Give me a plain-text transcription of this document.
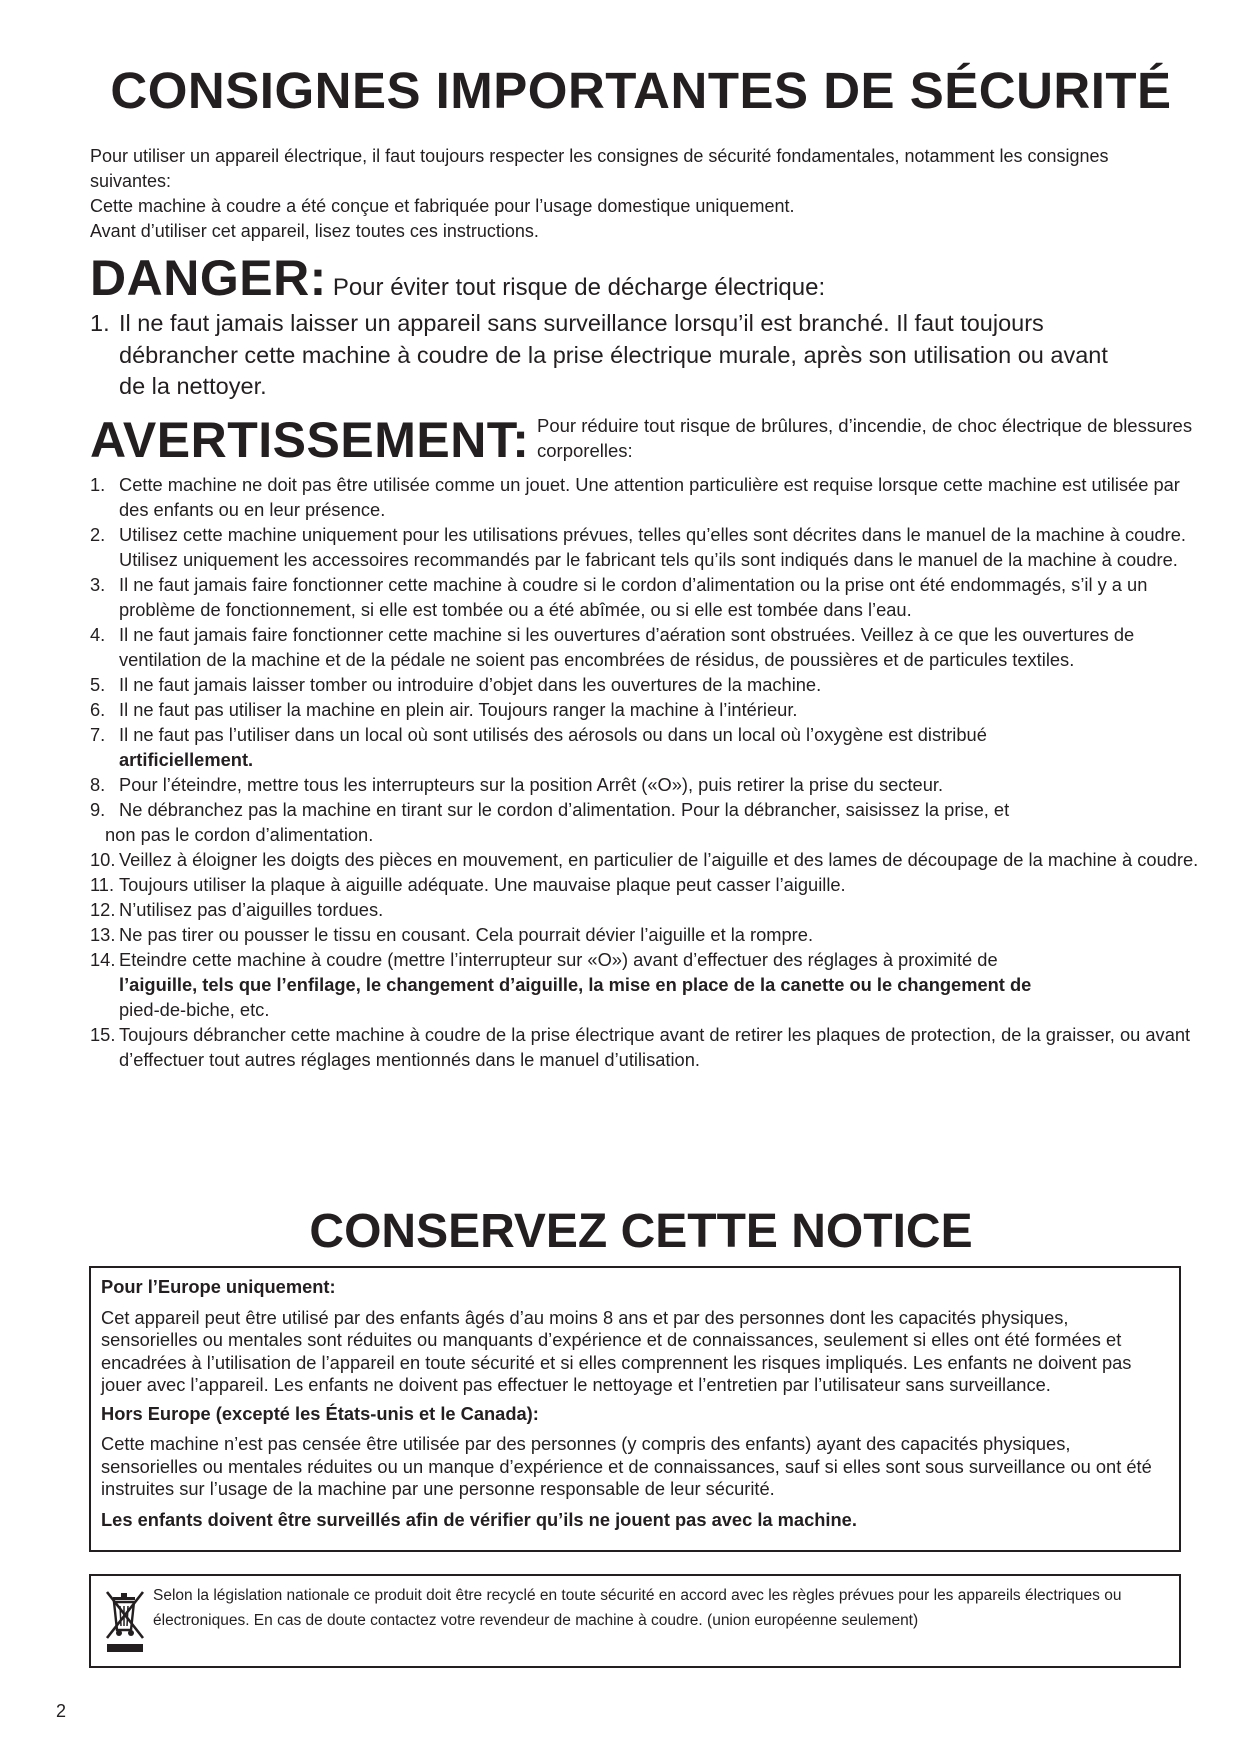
CONSIGNES IMPORTANTES DE SÉCURITÉ

Pour utiliser un appareil électrique, il faut toujours respecter les consignes de sécurité fondamentales, notamment les consignes suivantes:

Cette machine à coudre a été conçue et fabriquée pour l’usage domestique uniquement.

Avant d’utiliser cet appareil, lisez toutes ces instructions.

DANGER: Pour éviter tout risque de décharge électrique:
1. Il ne faut jamais laisser un appareil sans surveillance lorsqu’il est branché. Il faut toujours débrancher cette machine à coudre de la prise électrique murale, après son utilisation ou avant de la nettoyer.
AVERTISSEMENT: Pour réduire tout risque de brûlures, d’incendie, de choc électrique de blessures corporelles:
1. Cette machine ne doit pas être utilisée comme un jouet. Une attention particulière est requise lorsque cette machine est utilisée par des enfants ou en leur présence.
2. Utilisez cette machine uniquement pour les utilisations prévues, telles qu’elles sont décrites dans le manuel de la machine à coudre.

Utilisez uniquement les accessoires recommandés par le fabricant tels qu’ils sont indiqués dans le manuel de la machine à coudre.

3. Il ne faut jamais faire fonctionner cette machine à coudre si le cordon d’alimentation ou la prise ont été endommagés, s’il y a un problème de fonctionnement, si elle est tombée ou a été abîmée, ou si elle est tombée dans l’eau.
4. Il ne faut jamais faire fonctionner cette machine si les ouvertures d’aération sont obstruées. Veillez à ce que les ouvertures de ventilation de la machine et de la pédale ne soient pas encombrées de résidus, de poussières et de particules textiles.
5. Il ne faut jamais laisser tomber ou introduire d’objet dans les ouvertures de la machine.
6. Il ne faut pas utiliser la machine en plein air. Toujours ranger la machine à l’intérieur.
7. Il ne faut pas l’utiliser dans un local où sont utilisés des aérosols ou dans un local où l’oxygène est distribué

artificiellement.

8. Pour l’éteindre, mettre tous les interrupteurs sur la position Arrêt («O»), puis retirer la prise du secteur.
9. Ne débranchez pas la machine en tirant sur le cordon d’alimentation. Pour la débrancher, saisissez la prise, et

non pas le cordon d’alimentation.

10. Veillez à éloigner les doigts des pièces en mouvement, en particulier de l’aiguille et des lames de découpage de la machine à coudre.
11. Toujours utiliser la plaque à aiguille adéquate. Une mauvaise plaque peut casser l’aiguille.
12. N’utilisez pas d’aiguilles tordues.
13. Ne pas tirer ou pousser le tissu en cousant. Cela pourrait dévier l’aiguille et la rompre.
14. Eteindre cette machine à coudre (mettre l’interrupteur sur «O») avant d’effectuer des réglages à proximité de

l’aiguille, tels que l’enfilage, le changement d’aiguille, la mise en place de la canette ou le changement de

pied-de-biche, etc.

15. Toujours débrancher cette machine à coudre de la prise électrique avant de retirer les plaques de protection, de la graisser, ou avant d’effectuer tout autres réglages mentionnés dans le manuel d’utilisation.
CONSERVEZ CETTE NOTICE

Pour l’Europe uniquement:

Cet appareil peut être utilisé par des enfants âgés d’au moins 8 ans et par des personnes dont les capacités physiques, sensorielles ou mentales sont réduites ou manquants d’expérience et de connaissances, seulement si elles ont été formées et encadrées à l’utilisation de l’appareil en toute sécurité et si elles comprennent les risques impliqués. Les enfants ne doivent pas jouer avec l’appareil. Les enfants ne doivent pas effectuer le nettoyage et l’entretien par l’utilisateur sans surveillance.

Hors Europe (excepté les États-unis et le Canada):

Cette machine n’est pas censée être utilisée par des personnes (y compris des enfants) ayant des capacités physiques, sensorielles ou mentales réduites ou un manque d’expérience et de connaissances, sauf si elles sont sous surveillance ou ont été instruites sur l’usage de la machine par une personne responsable de leur sécurité.

Les enfants doivent être surveillés afin de vérifier qu’ils ne jouent pas avec la machine.

Selon la législation nationale ce produit doit être recyclé en toute sécurité en accord avec les règles prévues pour les appareils électriques ou électroniques. En cas de doute contactez votre revendeur de machine à coudre. (union européenne seulement)
2
